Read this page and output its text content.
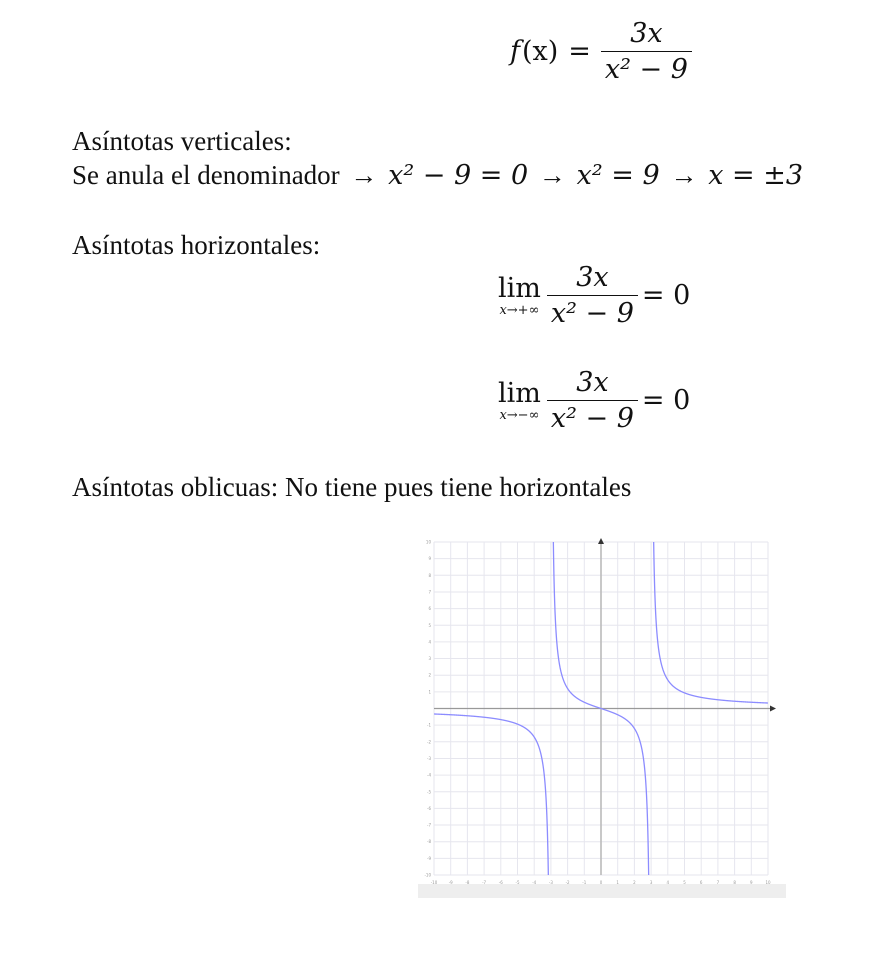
f $(x) = \frac{3x}{\text{x² − 9}}$
Asíntotas verticales:
Se anula el denominador → x² − 9 = 0 → x² = 9 → x = ±3
Asíntotas horizontales:
lim
$x\to+\infty \frac{3x}{\text{x² − 9}} = 0$
lim
$x\to-\infty \frac{3x}{\text{x² − 9}} = 0$
Asíntotas oblicuas: No tiene pues tiene horizontales
-10	-9	-8	-7	-6	-5	-4	-3	-2	-1	0	1	2	3	4	5	6	7	8	9	10
-10
-9
-8
-7
-6
-5
-4
-3
-2
-1
1
2
3
4
5
6
7
8
9
10
